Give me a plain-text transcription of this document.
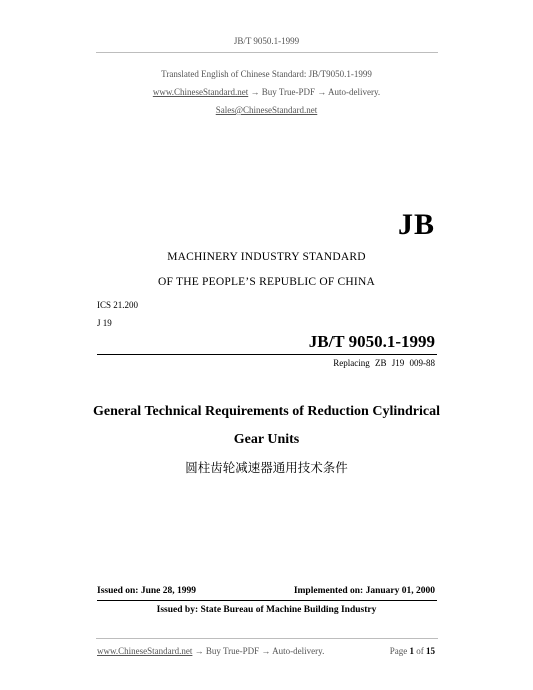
JB/T 9050.1-1999
Translated English of Chinese Standard: JB/T9050.1-1999
www.ChineseStandard.net → Buy True-PDF → Auto-delivery.
Sales@ChineseStandard.net
JB
MACHINERY INDUSTRY STANDARD
OF THE PEOPLE’S REPUBLIC OF CHINA
ICS 21.200
J 19
JB/T 9050.1-1999
Replacing ZB J19 009-88
General Technical Requirements of Reduction Cylindrical
Gear Units
圆柱齿轮减速器通用技术条件
Issued on: June 28, 1999	Implemented on: January 01, 2000
Issued by: State Bureau of Machine Building Industry
www.ChineseStandard.net → Buy True-PDF → Auto-delivery.	Page 1 of 15
